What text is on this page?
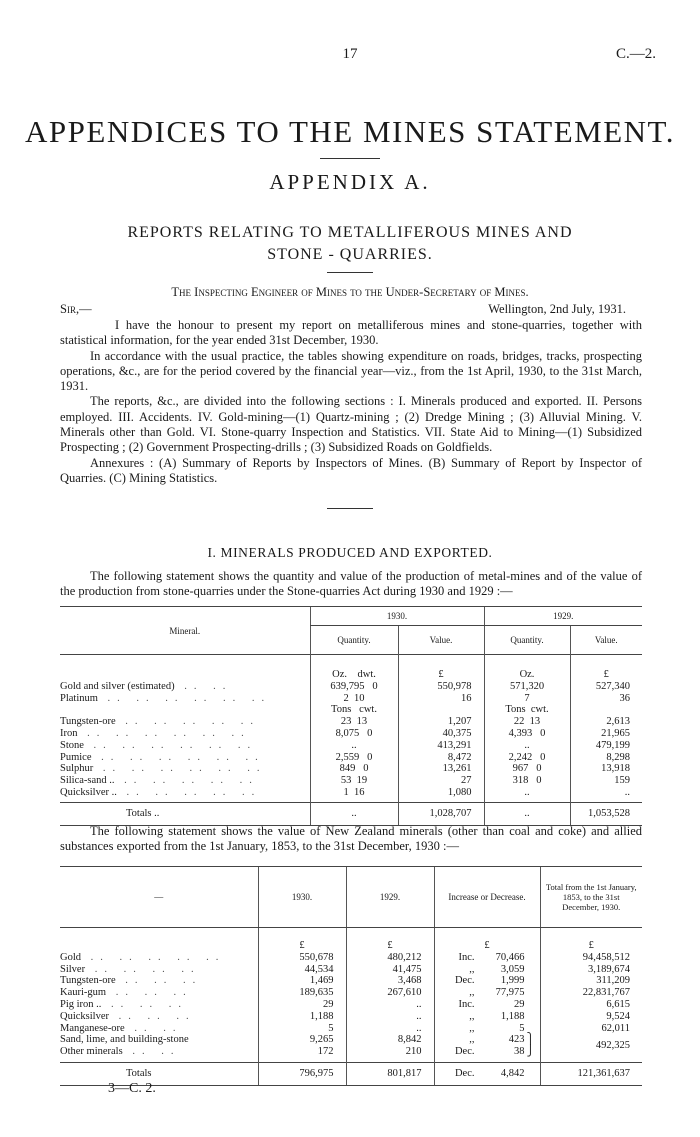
17	C.—2.
APPENDICES TO THE MINES STATEMENT.
APPENDIX A.
REPORTS RELATING TO METALLIFEROUS MINES AND
STONE - QUARRIES.
The Inspecting Engineer of Mines to the Under-Secretary of Mines.
Sir,—	Wellington, 2nd July, 1931.

I have the honour to present my report on metalliferous mines and stone-quarries, together with statistical information, for the year ended 31st December, 1930.

In accordance with the usual practice, the tables showing expenditure on roads, bridges, tracks, prospecting operations, &c., are for the period covered by the financial year—viz., from the 1st April, 1930, to the 31st March, 1931.

The reports, &c., are divided into the following sections : I. Minerals produced and exported. II. Persons employed. III. Accidents. IV. Gold-mining—(1) Quartz-mining ; (2) Dredge Mining ; (3) Alluvial Mining. V. Minerals other than Gold. VI. Stone-quarry Inspection and Statistics. VII. State Aid to Mining—(1) Subsidized Prospecting ; (2) Government Prospecting-drills ; (3) Subsidized Roads on Goldfields.

Annexures : (A) Summary of Reports by Inspectors of Mines. (B) Summary of Report by Inspector of Quarries. (C) Mining Statistics.

I. MINERALS PRODUCED AND EXPORTED.
The following statement shows the quantity and value of the production of metal-mines and of the value of the production from stone-quarries under the Stone-quarries Act during 1930 and 1929 :—
Mineral.	1930.		1929.	
	Quantity.	Value.	Quantity.	Value.

	Oz.    dwt.	£	Oz.	£
Gold and silver (estimated) .. ..	639,795   0	550,978	571,320	527,340
Platinum .. .. .. .. .. ..	2  10	16	7	36
	Tons   cwt.		Tons  cwt.	
Tungsten-ore .. .. .. .. ..	23  13	1,207	22  13	2,613
Iron .. .. .. .. .. ..	8,075   0	40,375	4,393   0	21,965
Stone .. .. .. .. .. ..	..	413,291	..	479,199
Pumice .. .. .. .. .. ..	2,559   0	8,472	2,242   0	8,298
Sulphur .. .. .. .. .. ..	849   0	13,261	967   0	13,918
Silica-sand .. .. .. .. .. ..	53  19	27	318   0	159
Quicksilver .. .. .. .. .. ..	1  16	1,080	..	..

Totals ..	..	1,028,707	..	1,053,528
The following statement shows the value of New Zealand minerals (other than coal and coke) and allied substances exported from the 1st January, 1853, to the 31st December, 1930 :—
—	1930.	1929.	Increase or Decrease.	Total from the 1st January, 1853, to the 31st December, 1930.

	£	£	£	£
Gold .. .. .. .. ..	550,678	480,212	Inc. 70,466	94,458,512
Silver .. .. .. ..	44,534	41,475	,, 3,059	3,189,674
Tungsten-ore .. .. ..	1,469	3,468	Dec. 1,999	311,209
Kauri-gum .. .. ..	189,635	267,610	,, 77,975	22,831,767
Pig iron .. .. .. ..	29	..	Inc. 29	6,615
Quicksilver .. .. ..	1,188	..	,, 1,188	9,524
Manganese-ore .. ..	5	..	,, 5	62,011
Sand, lime, and building-stone	9,265	8,842	,, 423 ⎫	492,325
Other minerals .. ..	172	210	Dec. 38 ⎭	

Totals	796,975	801,817	Dec. 4,842	121,361,637
3—C. 2.
